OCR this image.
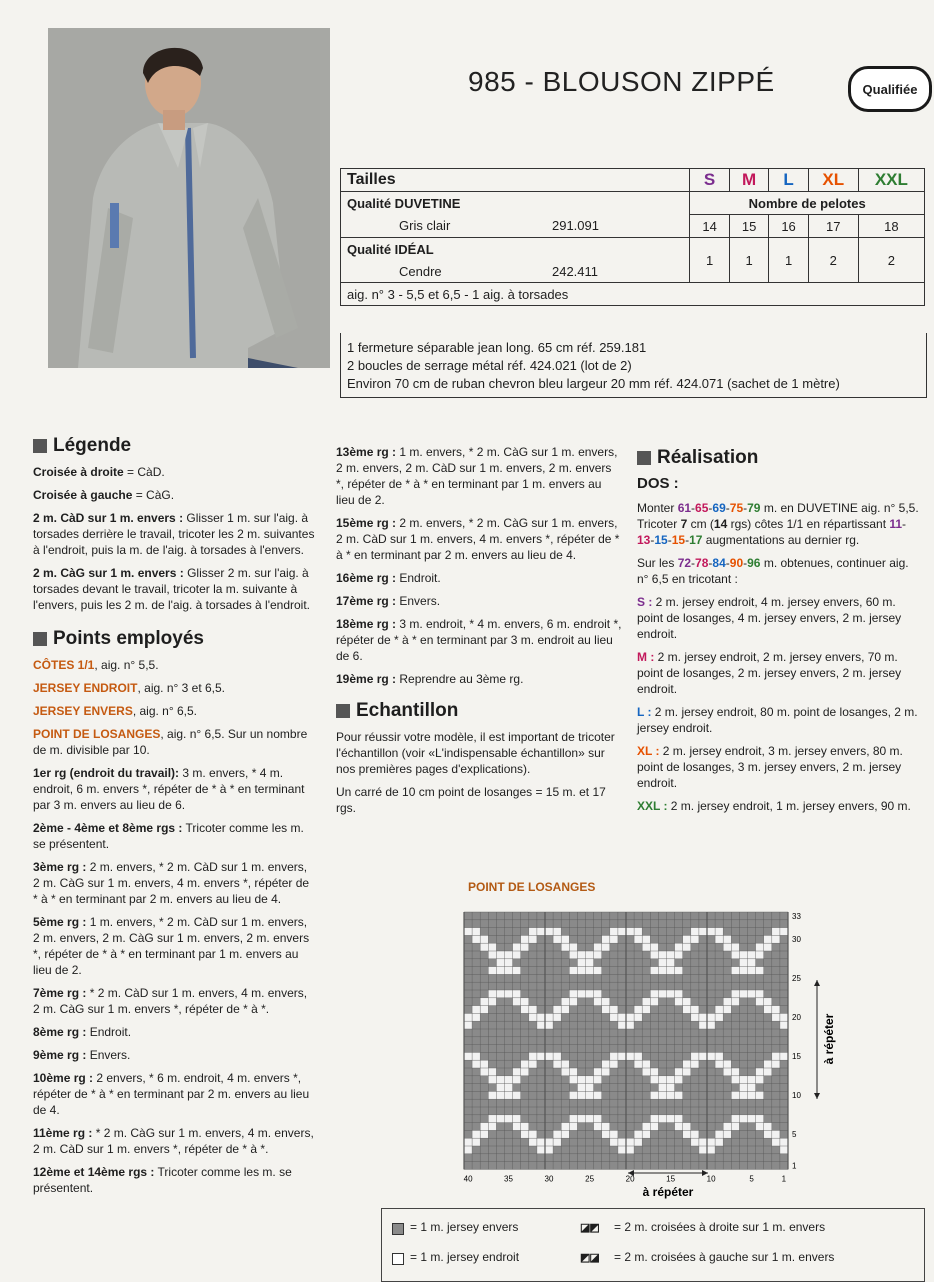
985 - BLOUSON ZIPPÉ	Qualifiée
Tailles			S	M	L	XL	XXL
Qualité DUVETINE			Nombre de pelotes				
	Gris clair	291.091	14	15	16	17	18
Qualité IDÉAL			1	1	1	2	2
	Cendre	242.411					
aig. n° 3 - 5,5 et 6,5 - 1 aig. à torsades							
1 fermeture séparable jean long. 65 cm réf. 259.181
2 boucles de serrage métal réf. 424.021 (lot de 2)
Environ 70 cm de ruban chevron bleu largeur 20 mm réf. 424.071 (sachet de 1 mètre)
Légende

Croisée à droite = CàD.

Croisée à gauche = CàG.

2 m. CàD sur 1 m. envers : Glisser 1 m. sur l'aig. à torsades derrière le travail, tricoter les 2 m. suivantes à l'endroit, puis la m. de l'aig. à torsades à l'envers.

2 m. CàG sur 1 m. envers : Glisser 2 m. sur l'aig. à torsades devant le travail, tricoter la m. suivante à l'envers, puis les 2 m. de l'aig. à torsades à l'endroit.

Points employés

CÔTES 1/1, aig. n° 5,5.

JERSEY ENDROIT, aig. n° 3 et 6,5.

JERSEY ENVERS, aig. n° 6,5.

POINT DE LOSANGES, aig. n° 6,5. Sur un nombre de m. divisible par 10.

1er rg (endroit du travail): 3 m. envers, * 4 m. endroit, 6 m. envers *, répéter de * à * en terminant par 3 m. envers au lieu de 6.

2ème - 4ème et 8ème rgs : Tricoter comme les m. se présentent.

3ème rg : 2 m. envers, * 2 m. CàD sur 1 m. envers, 2 m. CàG sur 1 m. envers, 4 m. envers *, répéter de * à * en terminant par 2 m. envers au lieu de 4.

5ème rg : 1 m. envers, * 2 m. CàD sur 1 m. envers, 2 m. envers, 2 m. CàG sur 1 m. envers, 2 m. envers *, répéter de * à * en terminant par 1 m. envers au lieu de 2.

7ème rg : * 2 m. CàD sur 1 m. envers, 4 m. envers, 2 m. CàG sur 1 m. envers *, répéter de * à *.

8ème rg : Endroit.

9ème rg : Envers.

10ème rg : 2 envers, * 6 m. endroit, 4 m. envers *, répéter de * à * en terminant par 2 m. envers au lieu de 4.

11ème rg : * 2 m. CàG sur 1 m. envers, 4 m. envers, 2 m. CàD sur 1 m. envers *, répéter de * à *.

12ème et 14ème rgs : Tricoter comme les m. se présentent.

13ème rg : 1 m. envers, * 2 m. CàG sur 1 m. envers, 2 m. envers, 2 m. CàD sur 1 m. envers, 2 m. envers *, répéter de * à * en terminant par 1 m. envers au lieu de 2.

15ème rg : 2 m. envers, * 2 m. CàG sur 1 m. envers, 2 m. CàD sur 1 m. envers, 4 m. envers *, répéter de * à * en terminant par 2 m. envers au lieu de 4.

16ème rg : Endroit.

17ème rg : Envers.

18ème rg : 3 m. endroit, * 4 m. envers, 6 m. endroit *, répéter de * à * en terminant par 3 m. endroit au lieu de 6.

19ème rg : Reprendre au 3ème rg.

Echantillon

Pour réussir votre modèle, il est important de tricoter l'échantillon (voir «L'indispensable échantillon» sur nos premières pages d'explications).

Un carré de 10 cm point de losanges = 15 m. et 17 rgs.

Réalisation
DOS :

Monter 61-65-69-75-79 m. en DUVETINE aig. n° 5,5. Tricoter 7 cm (14 rgs) côtes 1/1 en répartissant 11-13-15-15-17 augmentations au dernier rg.

Sur les 72-78-84-90-96 m. obtenues, continuer aig. n° 6,5 en tricotant :

S : 2 m. jersey endroit, 4 m. jersey envers, 60 m. point de losanges, 4 m. jersey envers, 2 m. jersey endroit.

M : 2 m. jersey endroit, 2 m. jersey envers, 70 m. point de losanges, 2 m. jersey envers, 2 m. jersey endroit.

L : 2 m. jersey endroit, 80 m. point de losanges, 2 m. jersey endroit.

XL : 2 m. jersey endroit, 3 m. jersey envers, 80 m. point de losanges, 3 m. jersey envers, 2 m. jersey endroit.

XXL : 2 m. jersey endroit, 1 m. jersey envers, 90 m.

POINT DE LOSANGES
40	35	30	25	20	15	10	5	1
33
30
25
20
15
10
5
1
à répéter
à répéter
= 1 m. jersey envers
= 1 m. jersey endroit
◪◩ = 2 m. croisées à droite sur 1 m. envers
◩◪ = 2 m. croisées à gauche sur 1 m. envers
